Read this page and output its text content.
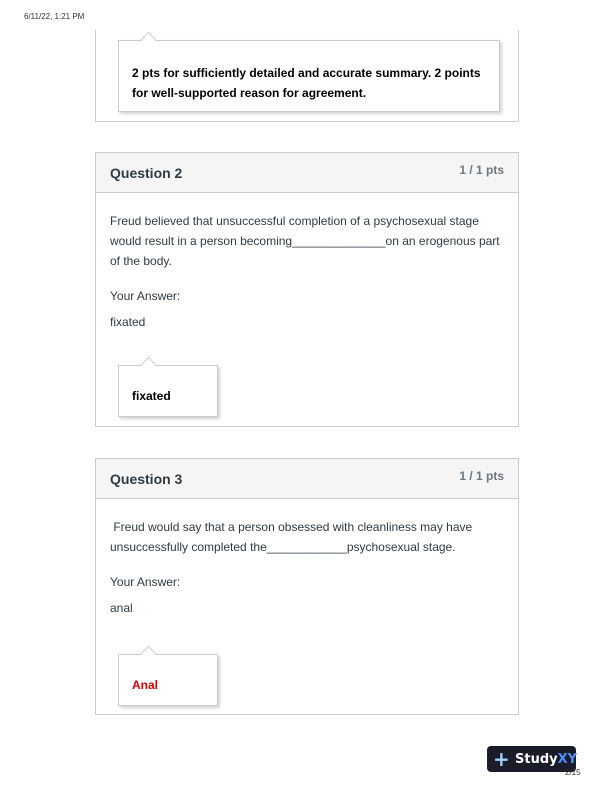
6/11/22, 1:21 PM
2 pts for sufficiently detailed and accurate summary. 2 points
for well-supported reason for agreement.
Question 2	1 / 1 pts
Freud believed that unsuccessful completion of a psychosexual stage
would result in a person becoming______________on an erogenous part
of the body.
Your Answer:
fixated
fixated
Question 3	1 / 1 pts
Freud would say that a person obsessed with cleanliness may have
unsuccessfully completed the____________psychosexual stage.
Your Answer:
anal
Anal
+ StudyXY
2/15
